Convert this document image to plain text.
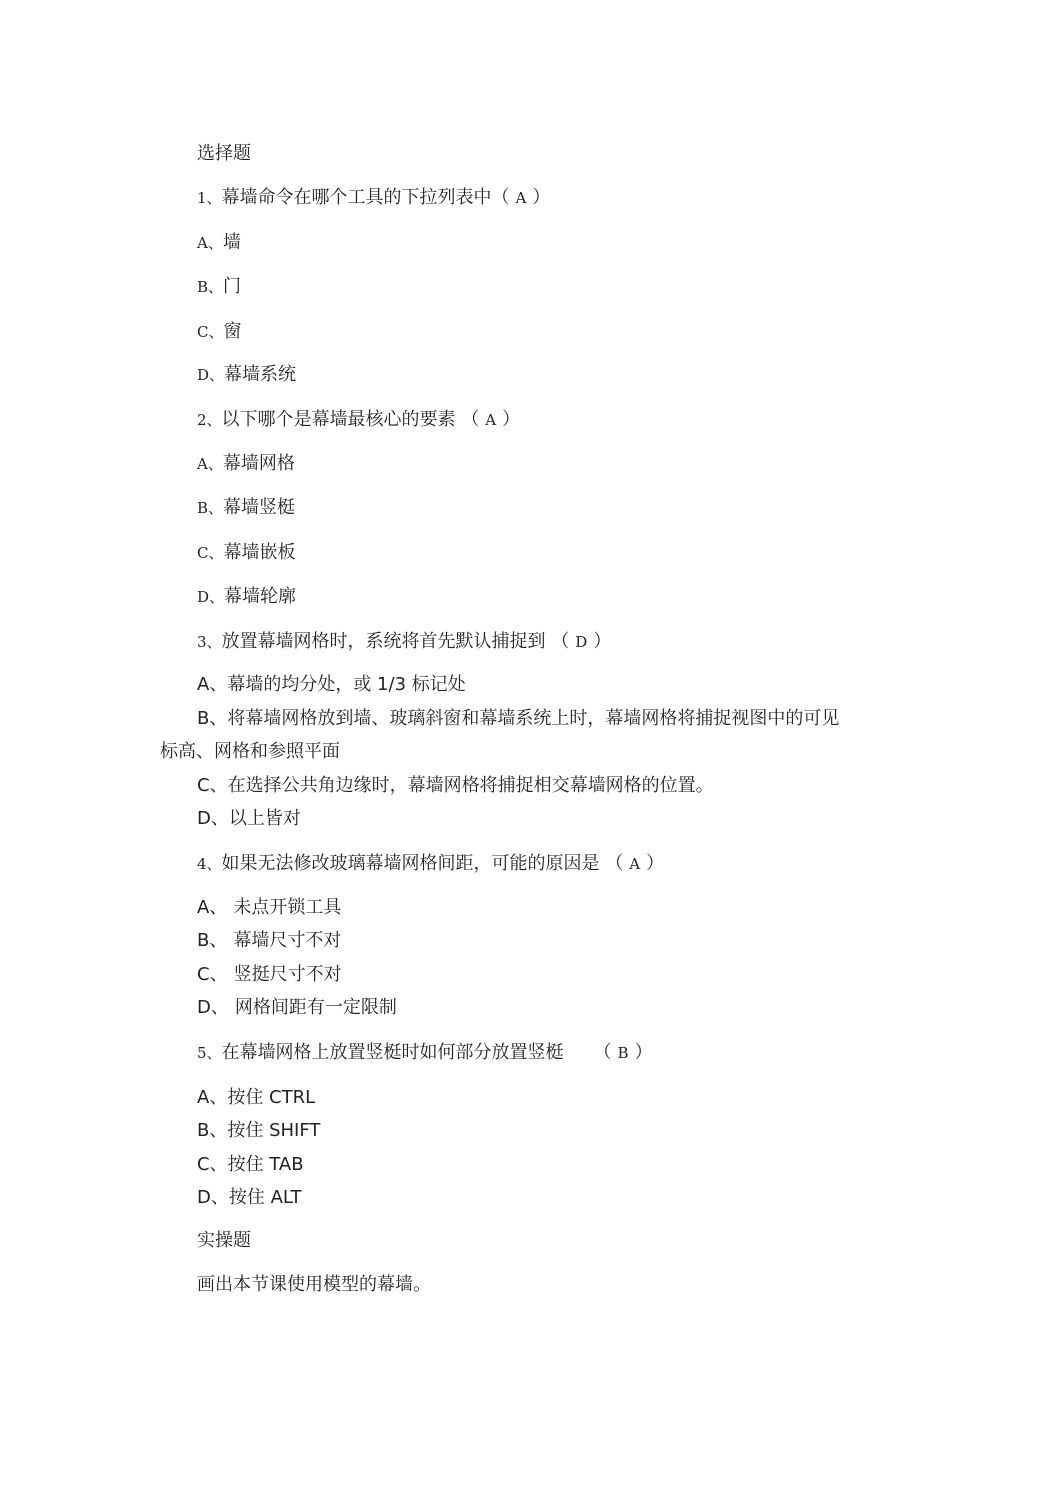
选择题
1、幕墙命令在哪个工具的下拉列表中（ A ）
A、墙
B、门
C、窗
D、幕墙系统
2、以下哪个是幕墙最核心的要素 （ A ）
A、幕墙网格
B、幕墙竖梃
C、幕墙嵌板
D、幕墙轮廓
3、放置幕墙网格时，系统将首先默认捕捉到 （ D ）
A、幕墙的均分处，或 1/3 标记处
B、将幕墙网格放到墙、玻璃斜窗和幕墙系统上时，幕墙网格将捕捉视图中的可见
标高、网格和参照平面
C、在选择公共角边缘时，幕墙网格将捕捉相交幕墙网格的位置。
D、以上皆对
4、如果无法修改玻璃幕墙网格间距，可能的原因是 （ A ）
A、 未点开锁工具
B、 幕墙尺寸不对
C、 竖挺尺寸不对
D、 网格间距有一定限制
5、在幕墙网格上放置竖梃时如何部分放置竖梃 （ B ）
A、按住 CTRL
B、按住 SHIFT
C、按住 TAB
D、按住 ALT
实操题
画出本节课使用模型的幕墙。
